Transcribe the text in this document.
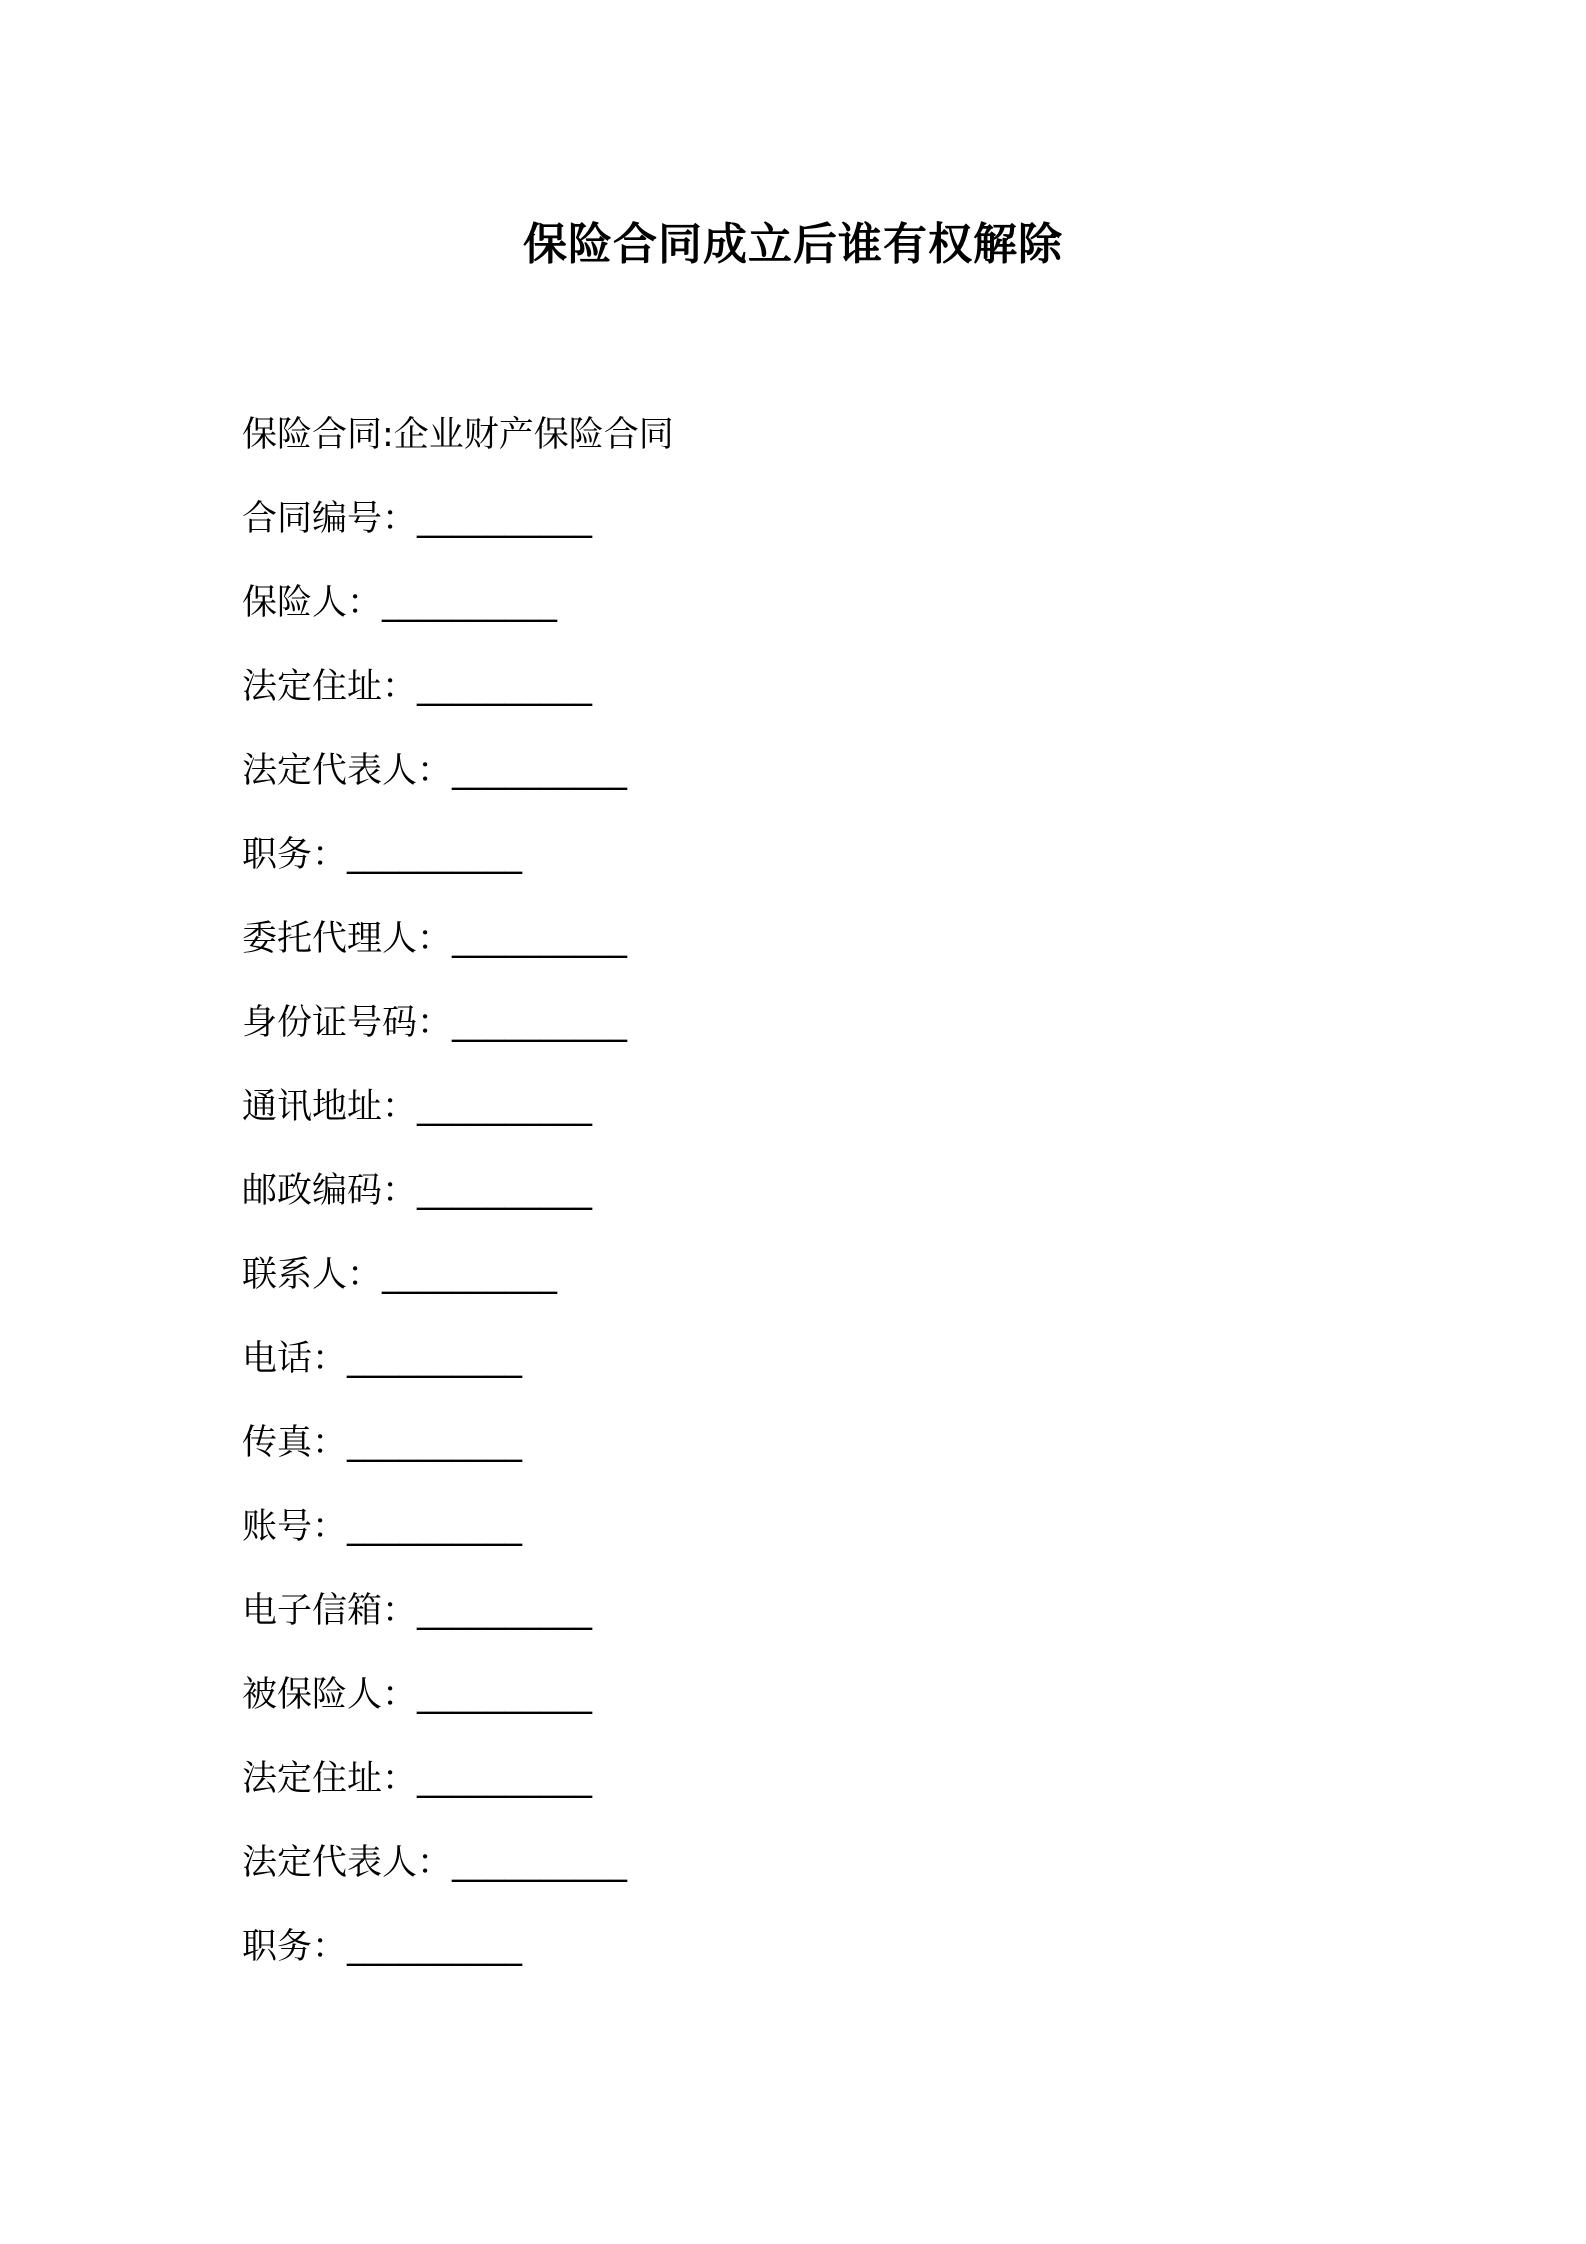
保险合同成立后谁有权解除
保险合同:企业财产保险合同
合同编号：__________
保险人：__________
法定住址：__________
法定代表人：__________
职务：__________
委托代理人：__________
身份证号码：__________
通讯地址：__________
邮政编码：__________
联系人：__________
电话：__________
传真：__________
账号：__________
电子信箱：__________
被保险人：__________
法定住址：__________
法定代表人：__________
职务：__________
